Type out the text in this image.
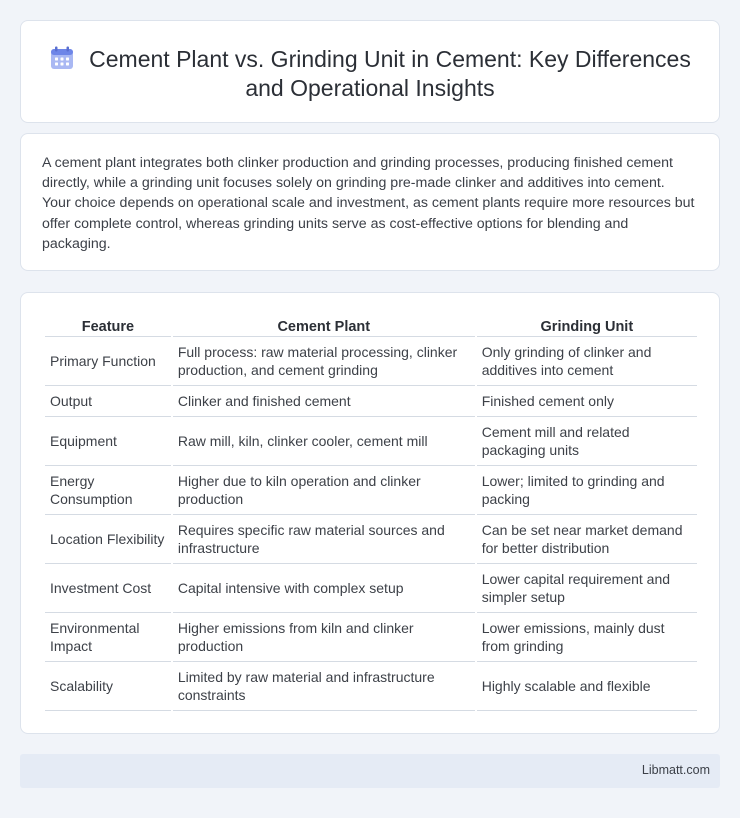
Cement Plant vs. Grinding Unit in Cement: Key Differences and Operational Insights

A cement plant integrates both clinker production and grinding processes, producing finished cement directly, while a grinding unit focuses solely on grinding pre-made clinker and additives into cement. Your choice depends on operational scale and investment, as cement plants require more resources but offer complete control, whereas grinding units serve as cost-effective options for blending and packaging.

Feature	Cement Plant	Grinding Unit
Primary Function	Full process: raw material processing, clinker production, and cement grinding	Only grinding of clinker and additives into cement
Output	Clinker and finished cement	Finished cement only
Equipment	Raw mill, kiln, clinker cooler, cement mill	Cement mill and related packaging units
Energy Consumption	Higher due to kiln operation and clinker production	Lower; limited to grinding and packing
Location Flexibility	Requires specific raw material sources and infrastructure	Can be set near market demand for better distribution
Investment Cost	Capital intensive with complex setup	Lower capital requirement and simpler setup
Environmental Impact	Higher emissions from kiln and clinker production	Lower emissions, mainly dust from grinding
Scalability	Limited by raw material and infrastructure constraints	Highly scalable and flexible
Libmatt.com
